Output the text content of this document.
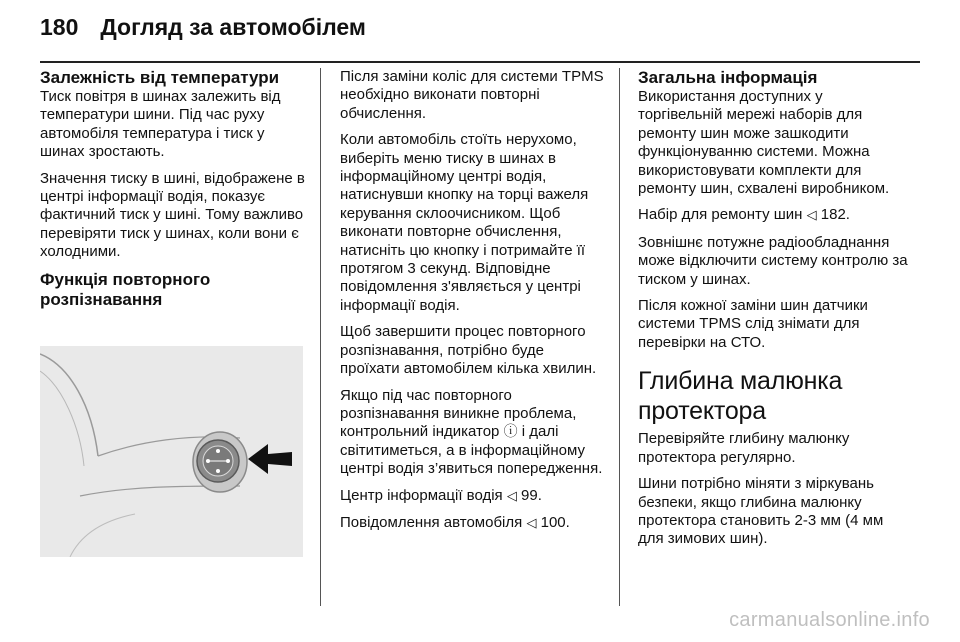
180 Догляд за автомобілем
Залежність від температури

Тиск повітря в шинах залежить від температури шини. Під час руху автомобіля температура і тиск у шинах зростають.

Значення тиску в шині, відображене в центрі інформації водія, показує фактичний тиск у шині. Тому важливо перевіряти тиск у шинах, коли вони є холодними.

Функція повторного розпізнавання

Після заміни коліс для системи TPMS необхідно виконати повторні обчислення.

Коли автомобіль стоїть нерухомо, виберіть меню тиску в шинах в інформаційному центрі водія, натиснувши кнопку на торці важеля керування склоочисником. Щоб виконати повторне обчислення, натисніть цю кнопку і потримайте її протягом 3 секунд. Відповідне повідомлення з'являється у центрі інформації водія.

Щоб завершити процес повторного розпізнавання, потрібно буде проїхати автомобілем кілька хвилин.

Якщо під час повторного розпізнавання виникне проблема, контрольний індикатор ⓘ і далі світитиметься, а в інформаційному центрі водія з’явиться попередження.

Центр інформації водія ◁ 99.

Повідомлення автомобіля ◁ 100.

Загальна інформація

Використання доступних у торгівельній мережі наборів для ремонту шин може зашкодити функціонуванню системи. Можна використовувати комплекти для ремонту шин, схвалені виробником.

Набір для ремонту шин ◁ 182.

Зовнішнє потужне радіообладнання може відключити систему контролю за тиском у шинах.

Після кожної заміни шин датчики системи TPMS слід знімати для перевірки на СТО.

Глибина малюнка протектора

Перевіряйте глибину малюнку протектора регулярно.

Шини потрібно міняти з міркувань безпеки, якщо глибина малюнку протектора становить 2-3 мм (4 мм для зимових шин).

carmanualsonline.info
